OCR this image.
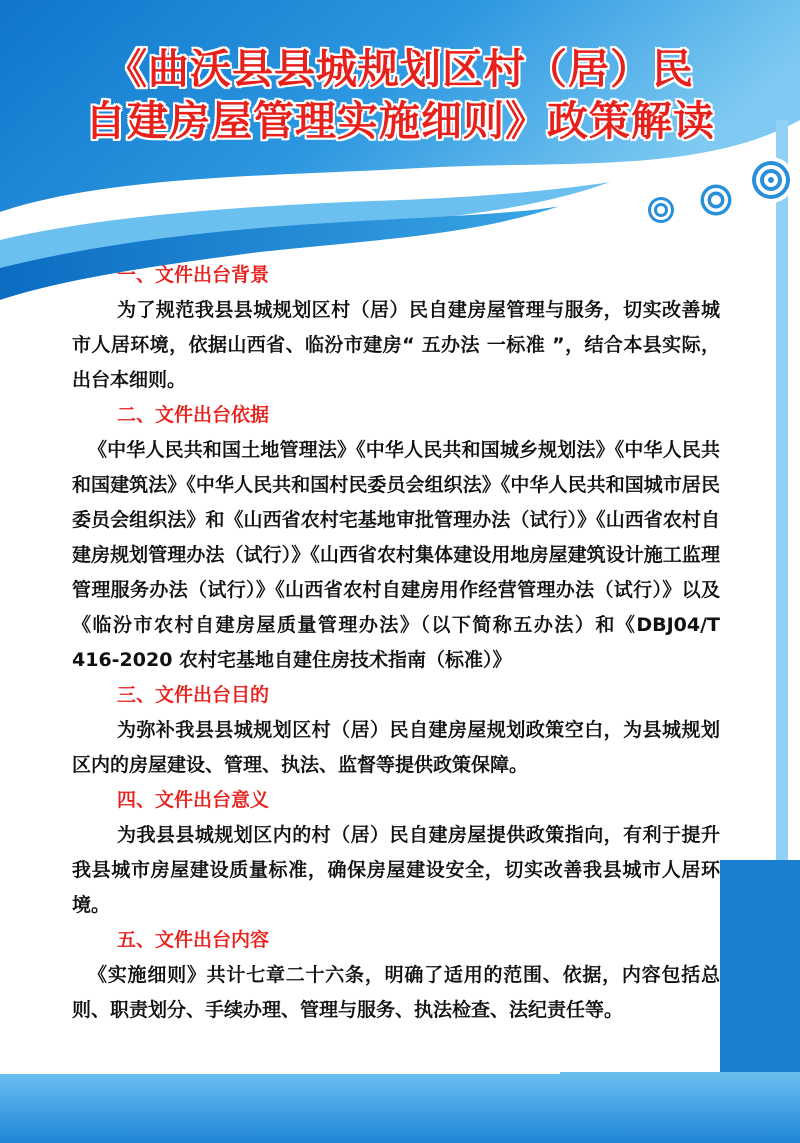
《曲沃县县城规划区村（居）民
自建房屋管理实施细则》政策解读

一、文件出台背景

为了规范我县县城规划区村（居）民自建房屋管理与服务，切实改善城市人居环境，依据山西省、临汾市建房“ 五办法 一标准 ”，结合本县实际，出台本细则。

二、文件出台依据

《中华人民共和国土地管理法》《中华人民共和国城乡规划法》《中华人民共和国建筑法》《中华人民共和国村民委员会组织法》《中华人民共和国城市居民委员会组织法》和《山西省农村宅基地审批管理办法（试行）》《山西省农村自建房规划管理办法（试行）》《山西省农村集体建设用地房屋建筑设计施工监理管理服务办法（试行）》《山西省农村自建房用作经营管理办法（试行）》以及《临汾市农村自建房屋质量管理办法》（以下简称五办法）和《DBJ04/T 416-2020 农村宅基地自建住房技术指南（标准）》

三、文件出台目的

为弥补我县县城规划区村（居）民自建房屋规划政策空白，为县城规划区内的房屋建设、管理、执法、监督等提供政策保障。

四、文件出台意义

为我县县城规划区内的村（居）民自建房屋提供政策指向，有利于提升我县城市房屋建设质量标准，确保房屋建设安全，切实改善我县城市人居环境。

五、文件出台内容

《实施细则》共计七章二十六条，明确了适用的范围、依据，内容包括总则、职责划分、手续办理、管理与服务、执法检查、法纪责任等。
